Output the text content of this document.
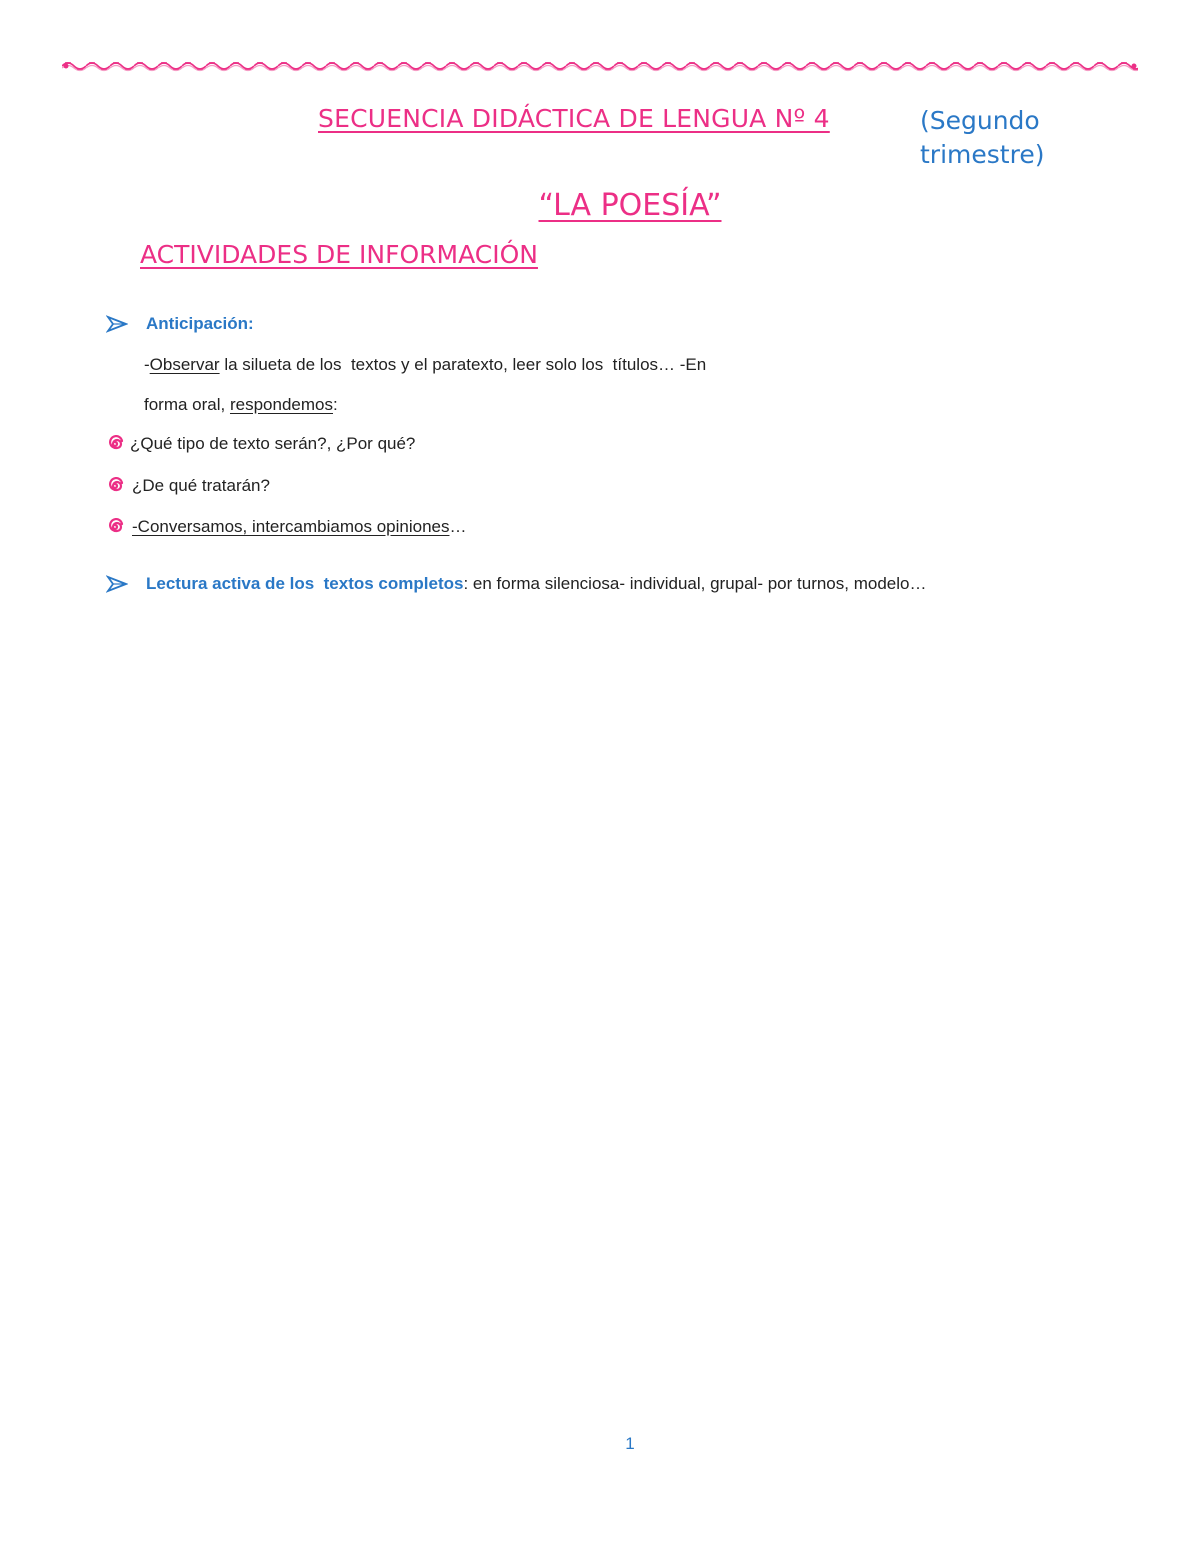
SECUENCIA DIDÁCTICA DE LENGUA Nº 4	(Segundo
trimestre)
“LA POESÍA”
ACTIVIDADES DE INFORMACIÓN
Anticipación:
- Observar la silueta de los  textos y el paratexto, leer solo los  títulos… -En
forma oral, respondemos :
¿Qué tipo de texto serán?, ¿Por qué?
¿De qué tratarán?
-Conversamos, intercambiamos opiniones …
Lectura activa de los  textos completos : en forma silenciosa- individual, grupal- por turnos, modelo…
1
